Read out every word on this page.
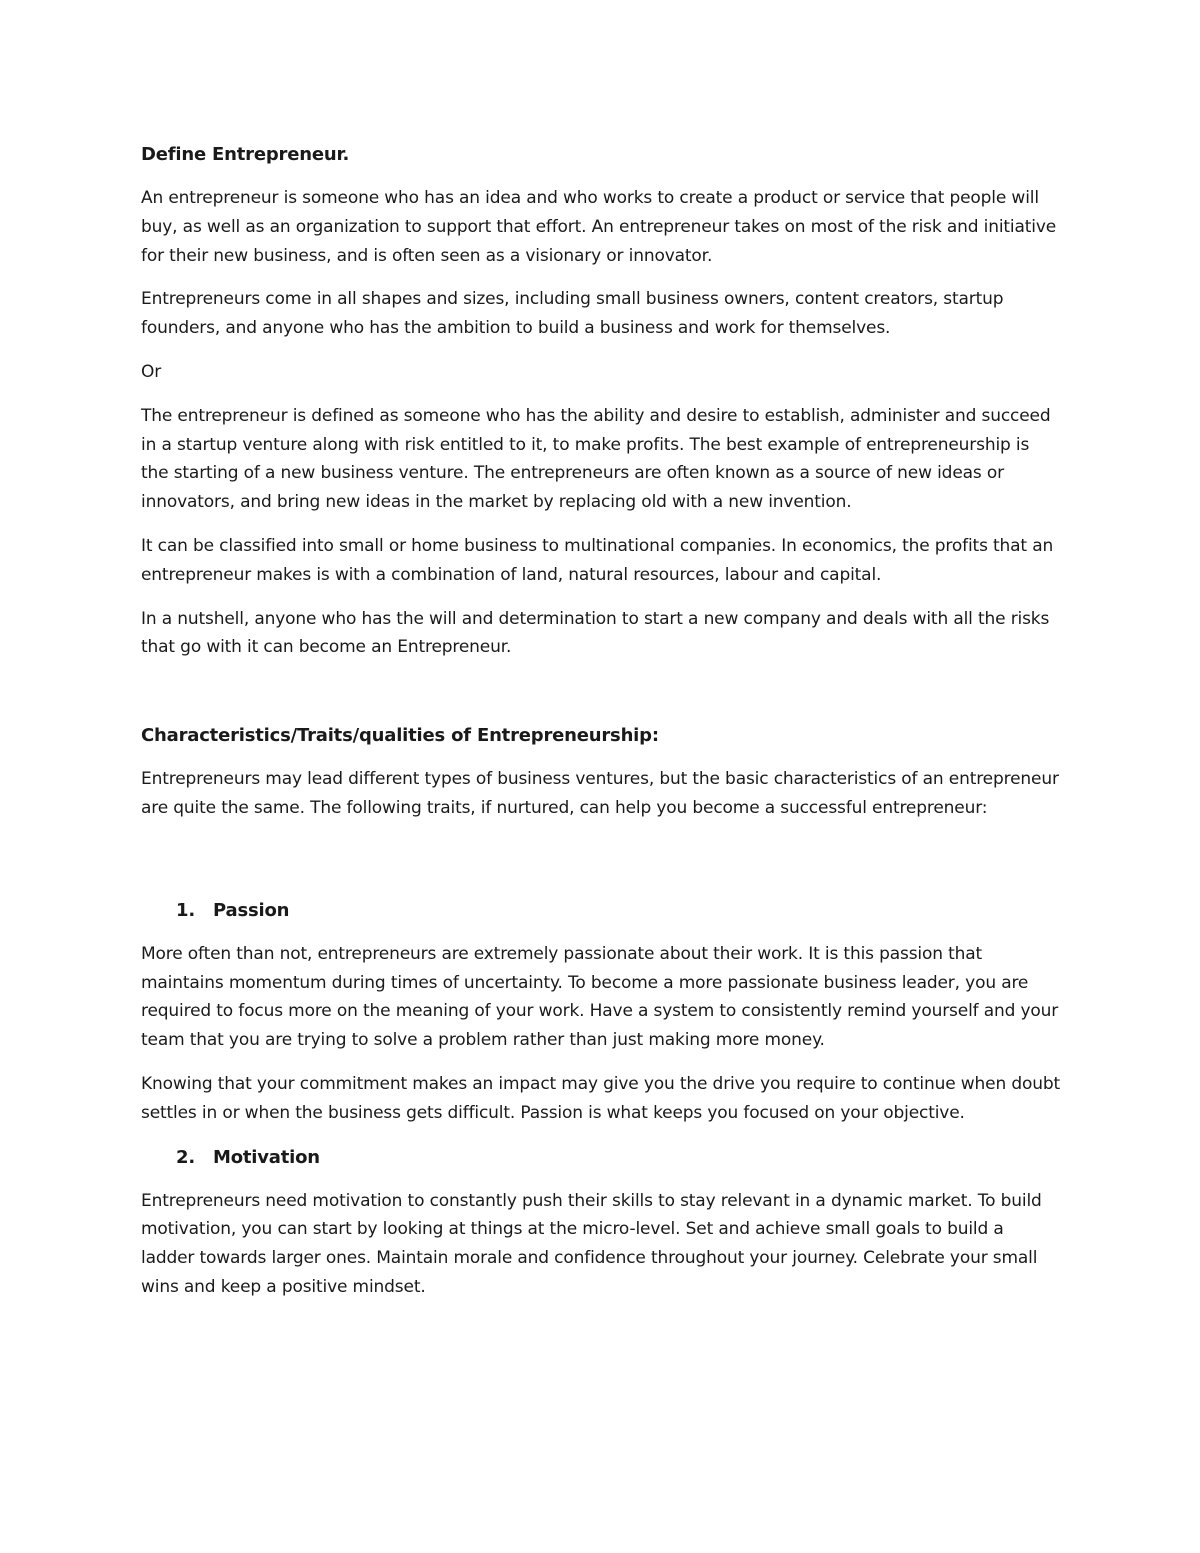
Define Entrepreneur.

An entrepreneur is someone who has an idea and who works to create a product or service that people will buy, as well as an organization to support that effort. An entrepreneur takes on most of the risk and initiative for their new business, and is often seen as a visionary or innovator.

Entrepreneurs come in all shapes and sizes, including small business owners, content creators, startup founders, and anyone who has the ambition to build a business and work for themselves.

Or

The entrepreneur is defined as someone who has the ability and desire to establish, administer and succeed in a startup venture along with risk entitled to it, to make profits. The best example of entrepreneurship is the starting of a new business venture. The entrepreneurs are often known as a source of new ideas or innovators, and bring new ideas in the market by replacing old with a new invention.

It can be classified into small or home business to multinational companies. In economics, the profits that an entrepreneur makes is with a combination of land, natural resources, labour and capital.

In a nutshell, anyone who has the will and determination to start a new company and deals with all the risks that go with it can become an Entrepreneur.

Characteristics/Traits/qualities of Entrepreneurship:

Entrepreneurs may lead different types of business ventures, but the basic characteristics of an entrepreneur are quite the same. The following traits, if nurtured, can help you become a successful entrepreneur:

1.	Passion

More often than not, entrepreneurs are extremely passionate about their work. It is this passion that maintains momentum during times of uncertainty. To become a more passionate business leader, you are required to focus more on the meaning of your work. Have a system to consistently remind yourself and your team that you are trying to solve a problem rather than just making more money.

Knowing that your commitment makes an impact may give you the drive you require to continue when doubt settles in or when the business gets difficult. Passion is what keeps you focused on your objective.

2.	Motivation

Entrepreneurs need motivation to constantly push their skills to stay relevant in a dynamic market. To build motivation, you can start by looking at things at the micro-level. Set and achieve small goals to build a ladder towards larger ones. Maintain morale and confidence throughout your journey. Celebrate your small wins and keep a positive mindset.
